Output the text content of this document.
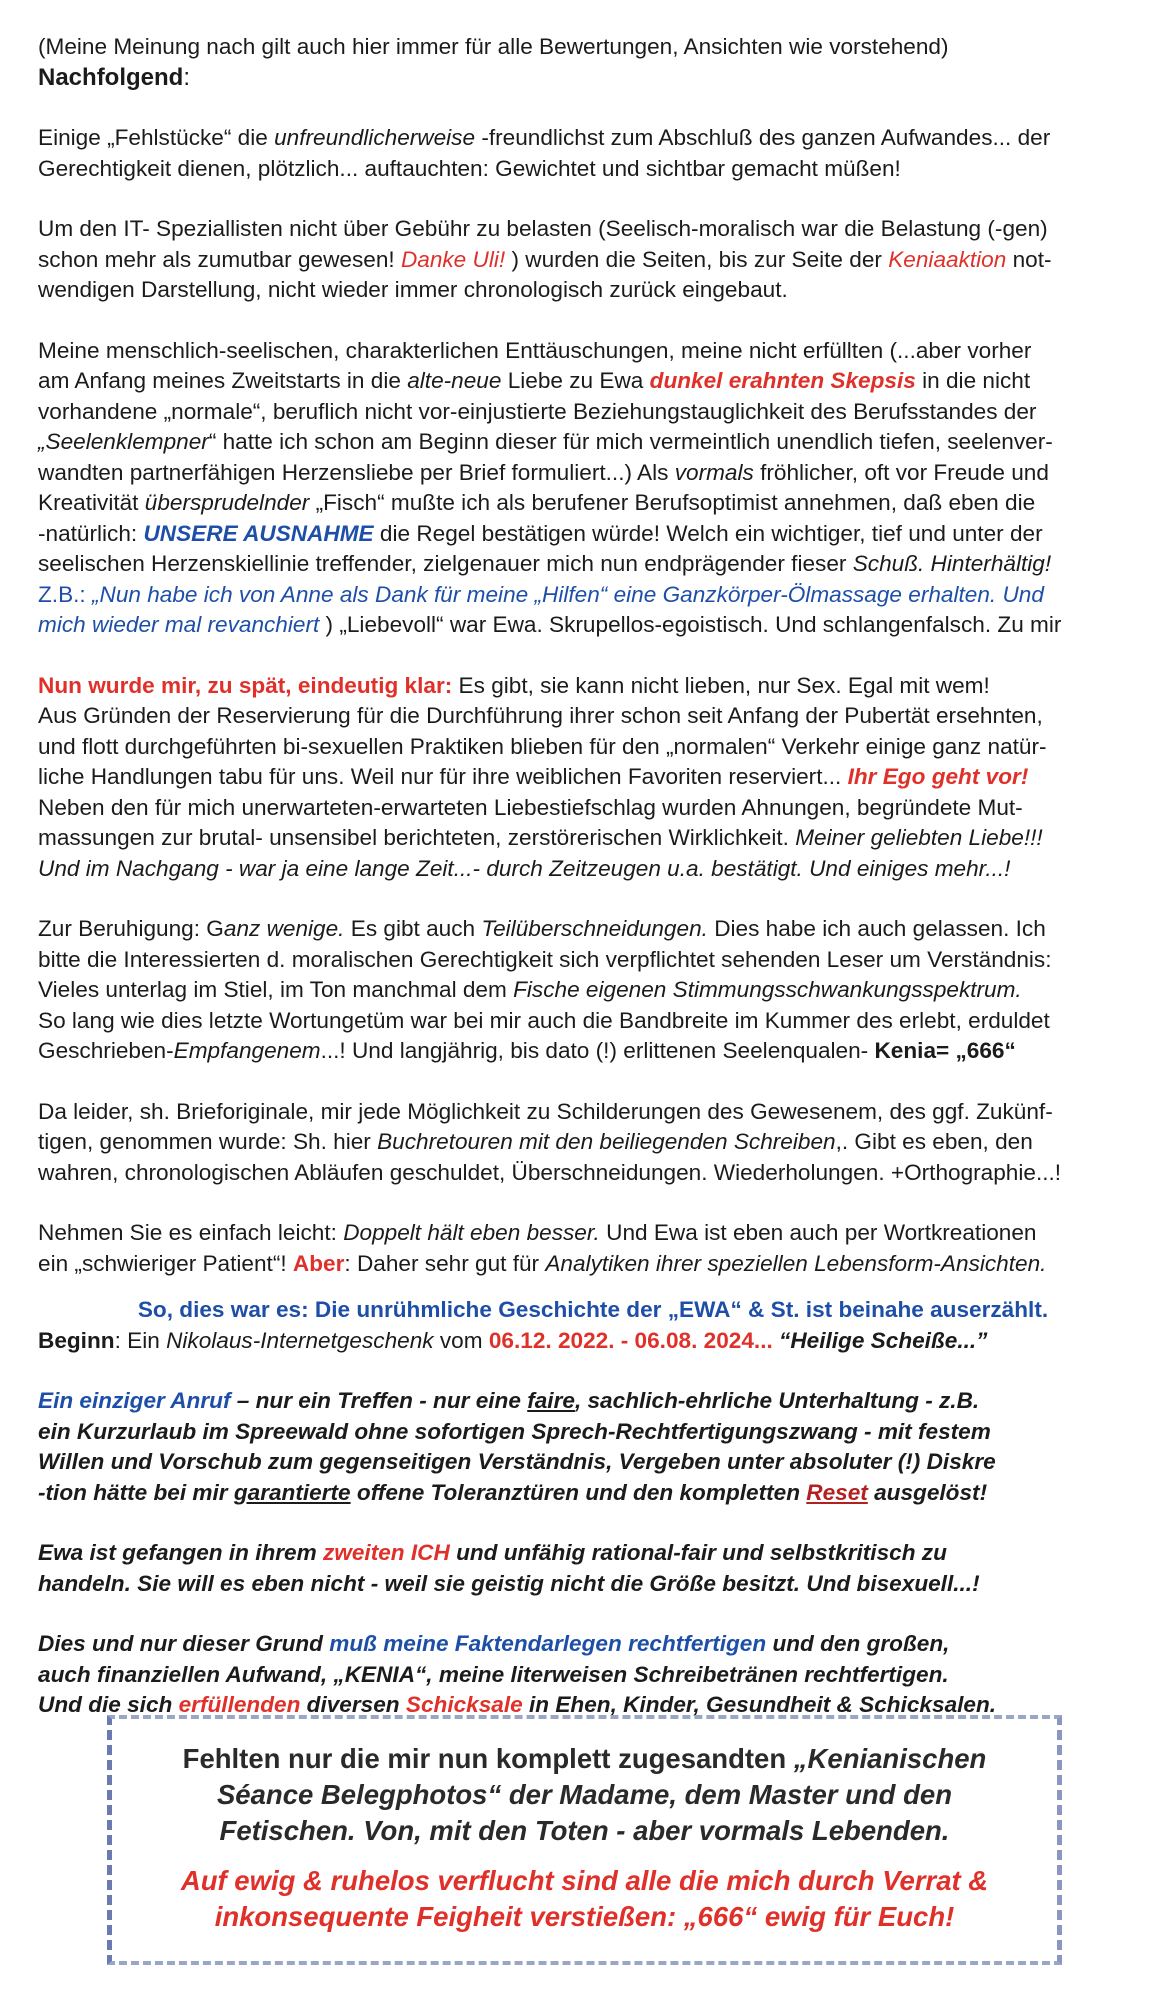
(Meine Meinung nach gilt auch hier immer für alle Bewertungen, Ansichten wie vorstehend)

Nachfolgend:

Einige „Fehlstücke“ die unfreundlicherweise -freundlichst zum Abschluß des ganzen Aufwandes... der
Gerechtigkeit dienen, plötzlich... auftauchten: Gewichtet und sichtbar gemacht müßen!

Um den IT- Speziallisten nicht über Gebühr zu belasten (Seelisch-moralisch war die Belastung (-gen)
schon mehr als zumutbar gewesen! Danke Uli! ) wurden die Seiten, bis zur Seite der Keniaaktion not-
wendigen Darstellung, nicht wieder immer chronologisch zurück eingebaut.

Meine menschlich-seelischen, charakterlichen Enttäuschungen, meine nicht erfüllten (...aber vorher
am Anfang meines Zweitstarts in die alte-neue Liebe zu Ewa dunkel erahnten Skepsis in die nicht
vorhandene „normale“, beruflich nicht vor-einjustierte Beziehungstauglichkeit des Berufsstandes der
„Seelenklempner“ hatte ich schon am Beginn dieser für mich vermeintlich unendlich tiefen, seelenver-
wandten partnerfähigen Herzensliebe per Brief formuliert...) Als vormals fröhlicher, oft vor Freude und
Kreativität übersprudelnder „Fisch“ mußte ich als berufener Berufsoptimist annehmen, daß eben die
-natürlich: UNSERE AUSNAHME die Regel bestätigen würde! Welch ein wichtiger, tief und unter der
seelischen Herzenskiellinie treffender, zielgenauer mich nun endprägender fieser Schuß. Hinterhältig!
Z.B.: „Nun habe ich von Anne als Dank für meine „Hilfen“ eine Ganzkörper-Ölmassage erhalten. Und
mich wieder mal revanchiert ) „Liebevoll“ war Ewa. Skrupellos-egoistisch. Und schlangenfalsch. Zu mir

Nun wurde mir, zu spät, eindeutig klar: Es gibt, sie kann nicht lieben, nur Sex. Egal mit wem!
Aus Gründen der Reservierung für die Durchführung ihrer schon seit Anfang der Pubertät ersehnten,
und flott durchgeführten bi-sexuellen Praktiken blieben für den „normalen“ Verkehr einige ganz natür-
liche Handlungen tabu für uns. Weil nur für ihre weiblichen Favoriten reserviert... Ihr Ego geht vor!
Neben den für mich unerwarteten-erwarteten Liebestiefschlag wurden Ahnungen, begründete Mut-
massungen zur brutal- unsensibel berichteten, zerstörerischen Wirklichkeit. Meiner geliebten Liebe!!!
Und im Nachgang - war ja eine lange Zeit...- durch Zeitzeugen u.a. bestätigt. Und einiges mehr...!

Zur Beruhigung: Ganz wenige. Es gibt auch Teilüberschneidungen. Dies habe ich auch gelassen. Ich
bitte die Interessierten d. moralischen Gerechtigkeit sich verpflichtet sehenden Leser um Verständnis:
Vieles unterlag im Stiel, im Ton manchmal dem Fische eigenen Stimmungsschwankungsspektrum.
So lang wie dies letzte Wortungetüm war bei mir auch die Bandbreite im Kummer des erlebt, erduldet
Geschrieben-Empfangenem...! Und langjährig, bis dato (!) erlittenen Seelenqualen- Kenia= „666“

Da leider, sh. Brieforiginale, mir jede Möglichkeit zu Schilderungen des Gewesenem, des ggf. Zukünf-
tigen, genommen wurde: Sh. hier Buchretouren mit den beiliegenden Schreiben,. Gibt es eben, den
wahren, chronologischen Abläufen geschuldet, Überschneidungen. Wiederholungen. +Orthographie...!

Nehmen Sie es einfach leicht: Doppelt hält eben besser. Und Ewa ist eben auch per Wortkreationen
ein „schwieriger Patient“! Aber: Daher sehr gut für Analytiken ihrer speziellen Lebensform-Ansichten.

So, dies war es: Die unrühmliche Geschichte der „EWA“ & St. ist beinahe auserzählt.
Beginn: Ein Nikolaus-Internetgeschenk vom 06.12. 2022. - 06.08. 2024... “Heilige Scheiße...”

Ein einziger Anruf – nur ein Treffen - nur eine faire, sachlich-ehrliche Unterhaltung - z.B.
ein Kurzurlaub im Spreewald ohne sofortigen Sprech-Rechtfertigungszwang - mit festem
Willen und Vorschub zum gegenseitigen Verständnis, Vergeben unter absoluter (!) Diskre
-tion hätte bei mir garantierte offene Toleranztüren und den kompletten Reset ausgelöst!

Ewa ist gefangen in ihrem zweiten ICH und unfähig rational-fair und selbstkritisch zu
handeln. Sie will es eben nicht - weil sie geistig nicht die Größe besitzt. Und bisexuell...!

Dies und nur dieser Grund muß meine Faktendarlegen rechtfertigen und den großen,
auch finanziellen Aufwand, „KENIA“, meine literweisen Schreibetränen rechtfertigen.
Und die sich erfüllenden diversen Schicksale in Ehen, Kinder, Gesundheit & Schicksalen.

Fehlten nur die mir nun komplett zugesandten „Kenianischen
Séance Belegphotos“ der Madame, dem Master und den
Fetischen. Von, mit den Toten - aber vormals Lebenden.
Auf ewig & ruhelos verflucht sind alle die mich durch Verrat &
inkonsequente Feigheit verstießen: „666“ ewig für Euch!
